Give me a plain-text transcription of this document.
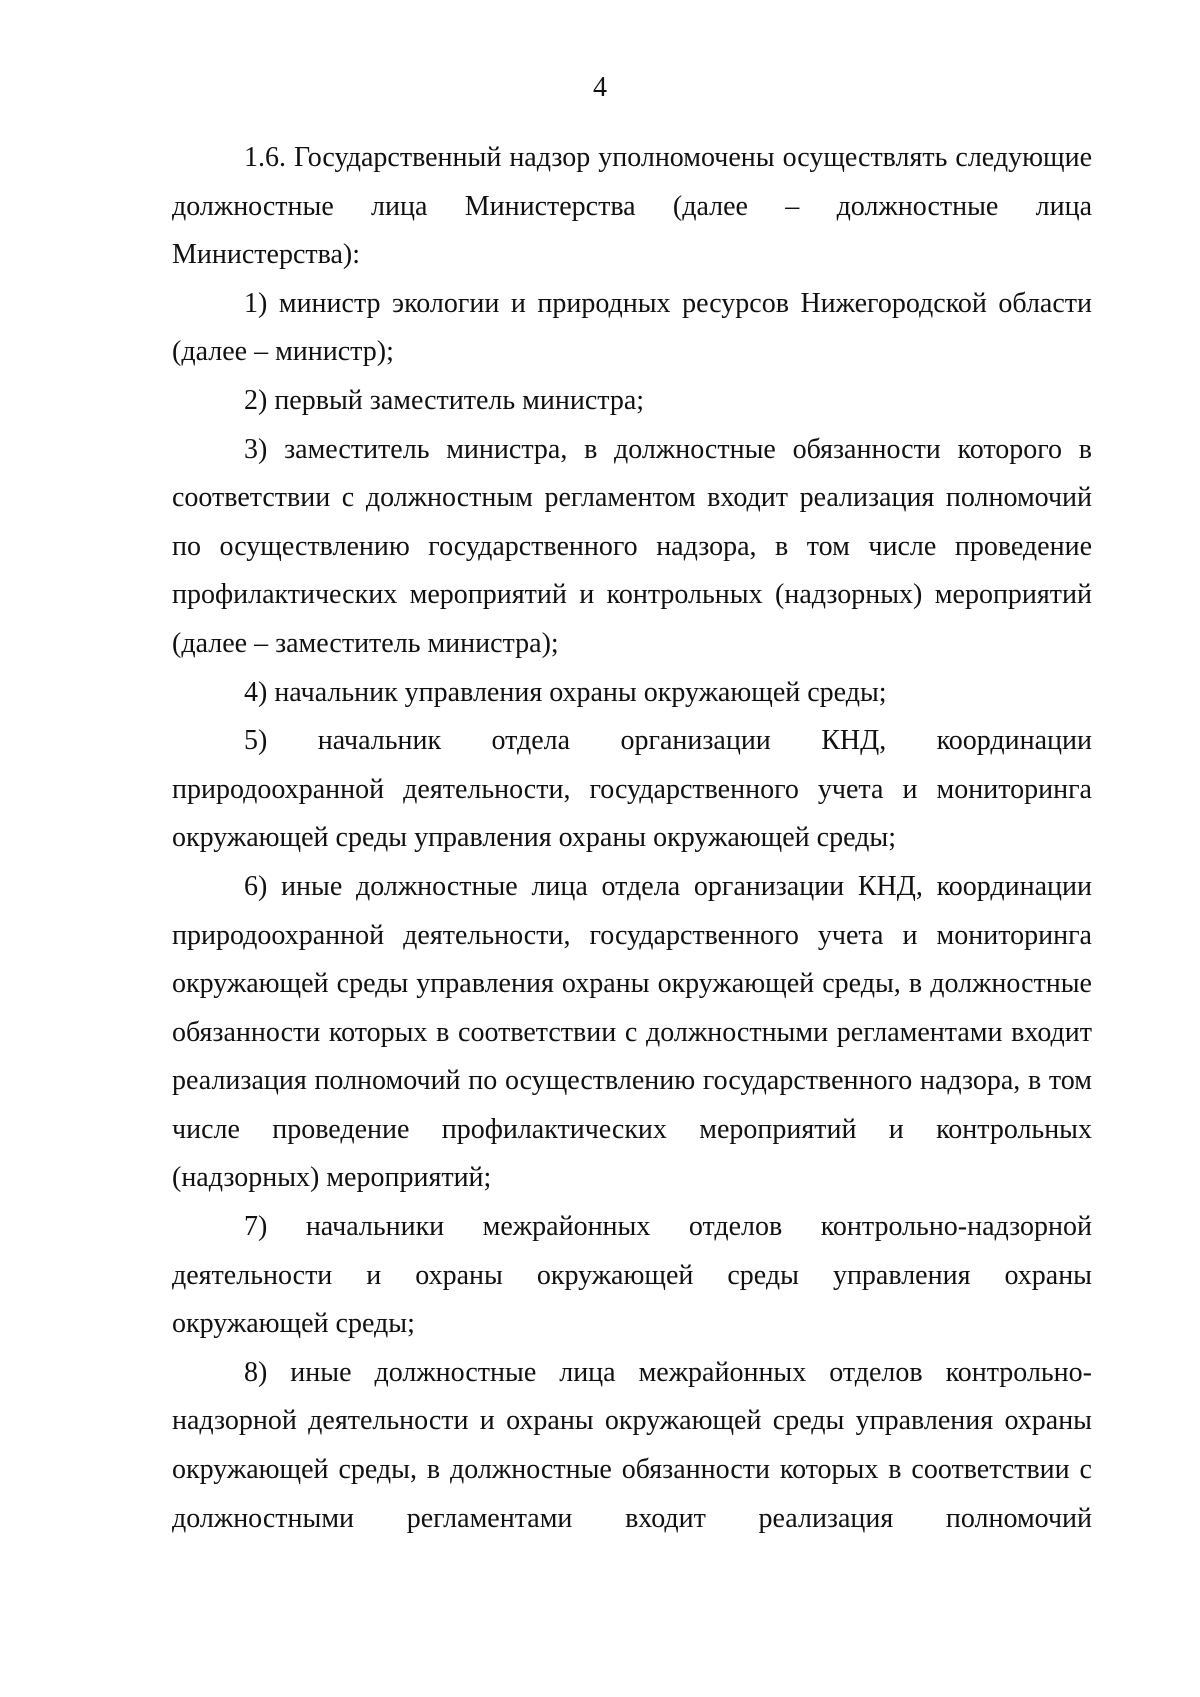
4

1.6. Государственный надзор уполномочены осуществлять следующие должностные лица Министерства (далее – должностные лица Министерства):

1) министр экологии и природных ресурсов Нижегородской области (далее – министр);

2) первый заместитель министра;

3) заместитель министра, в должностные обязанности которого в соответствии с должностным регламентом входит реализация полномочий по осуществлению государственного надзора, в том числе проведение профилактических мероприятий и контрольных (надзорных) мероприятий (далее – заместитель министра);

4) начальник управления охраны окружающей среды;

5) начальник отдела организации КНД, координации природоохранной деятельности, государственного учета и мониторинга окружающей среды управления охраны окружающей среды;

6) иные должностные лица отдела организации КНД, координации природоохранной деятельности, государственного учета и мониторинга окружающей среды управления охраны окружающей среды, в должностные обязанности которых в соответствии с должностными регламентами входит реализация полномочий по осуществлению государственного надзора, в том числе проведение профилактических мероприятий и контрольных (надзорных) мероприятий;

7) начальники межрайонных отделов контрольно-надзорной деятельности и охраны окружающей среды управления охраны окружающей среды;

8) иные должностные лица межрайонных отделов контрольно-надзорной деятельности и охраны окружающей среды управления охраны окружающей среды, в должностные обязанности которых в соответствии с должностными регламентами входит реализация полномочий
